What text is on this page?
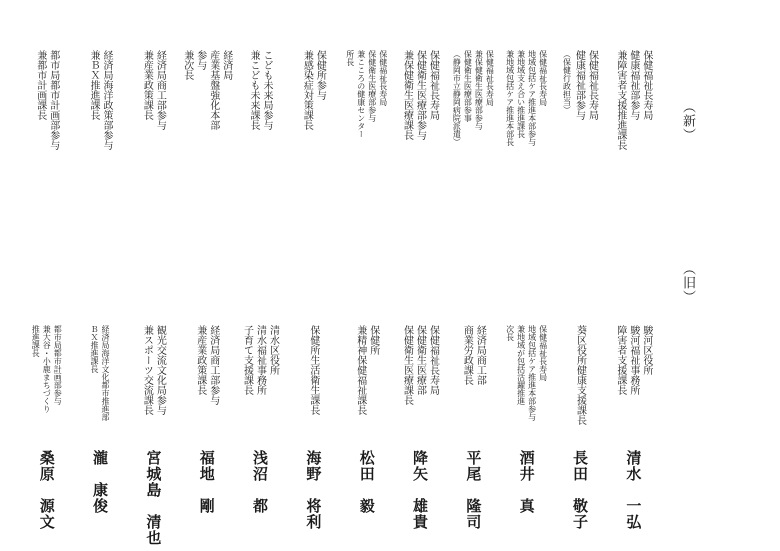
（新）
（旧）
保健福祉長寿局
健康福祉部参与
兼障害者支援推進課長
保健福祉長寿局
健康福祉部参与
（保健行政担当）
保健福祉長寿局
地域包括ケア推進本部参与
兼地域支え合い推進課長
兼地域包括ケア推進本部長
保健福祉長寿局
兼保健衛生医療部参与
保健衛生医療部参事
（静岡市立静岡病院派遣）
保健福祉長寿局
保健衛生医療部参与
兼保健衛生医療課長
保健福祉長寿局
保健衛生医療部参与
兼こころの健康センター
所長
保健所参与
兼感染症対策課長
こども未来局参与
兼こども未来課長
経済局
産業基盤強化本部
参与
兼次長
経済局商工部参与
兼産業政策課長
経済局海洋政策部参与
兼ＢＸ推進課長
都市局都市計画部参与
兼都市計画課長
駿河区役所
駿河福祉事務所
障害者支援課長
葵区役所健康支援課長
保健福祉長寿局
地域包括ケア推進本部参与
兼地域が包括活躍推進
次長
経済局商工部
商業労政課長
保健福祉長寿局
保健衛生医療部
保健衛生医療課長
保健所
兼精神保健福祉課長
保健所生活衛生課長
清水区役所
清水福祉事務所
子育て支援課長
経済局商工部参与
兼産業政策課長
観光交流文化局参与
兼スポーツ交流課長
経済局海洋文化都市推進部
ＢＸ推進課長
都市局都市計画部参与
兼大谷・小鹿まちづくり
推進課長
清水　一弘
長田　敬子
酒井　真
平尾　隆司
降矢　雄貴
松田　毅
海野　将利
浅沼　都
福地　剛
宮城島　清也
瀧　康俊
桑原　源文
